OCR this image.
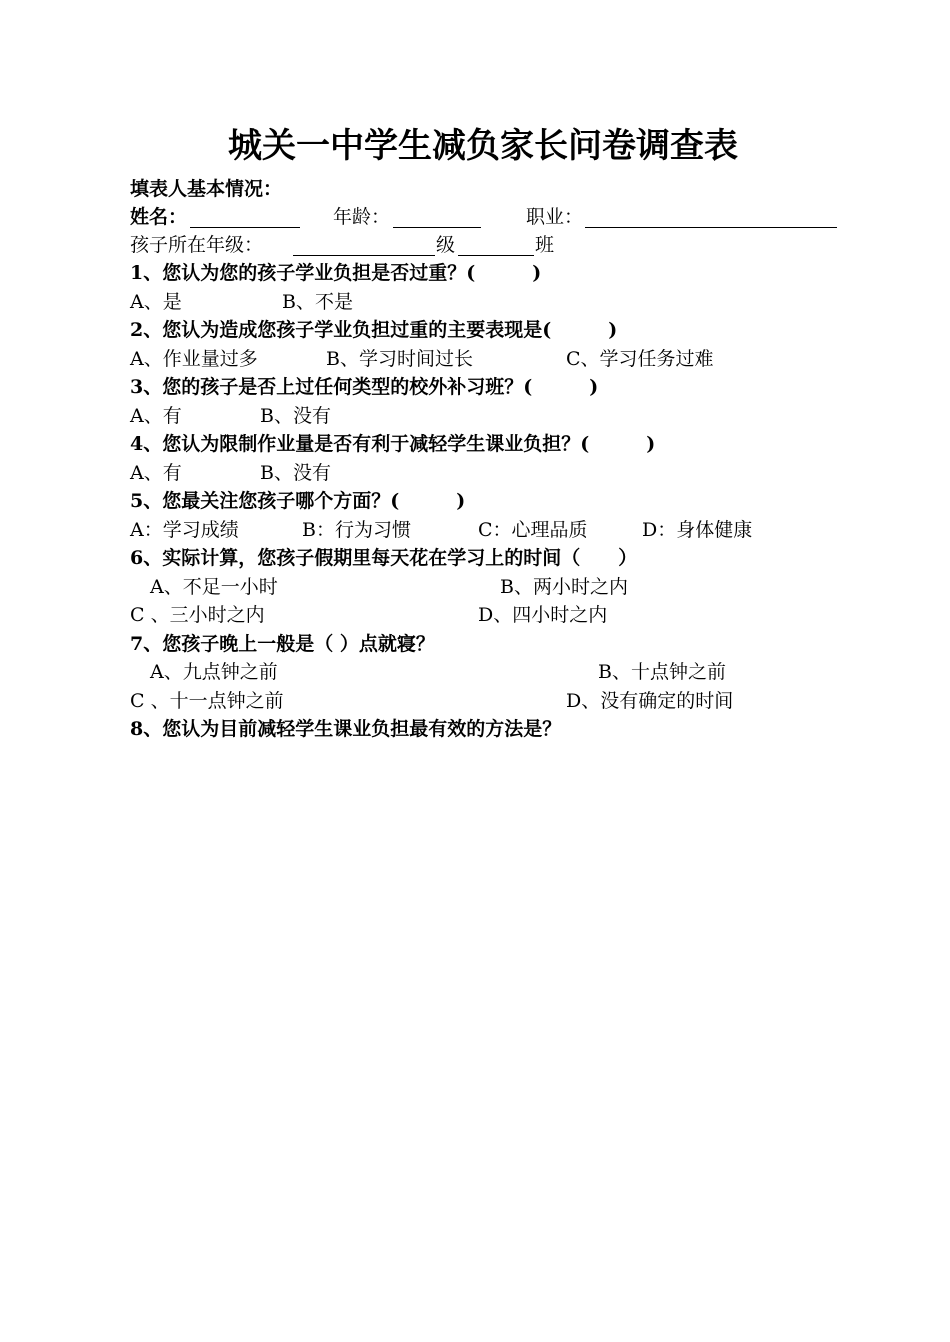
城关一中学生减负家长问卷调查表
填表人基本情况：
姓名：	年龄：	职业：
孩子所在年级：	级	班
1、您认为您的孩子学业负担是否过重？(　　　)
A、是	B、不是
2、您认为造成您孩子学业负担过重的主要表现是(　　　)
A、作业量过多	B、学习时间过长	C、学习任务过难
3、您的孩子是否上过任何类型的校外补习班？(　　　)
A、有	B、没有
4、您认为限制作业量是否有利于减轻学生课业负担？(　　　)
A、有	B、没有
5、您最关注您孩子哪个方面？(　　　)
A：学习成绩	B：行为习惯	C：心理品质	D：身体健康
6、实际计算，您孩子假期里每天花在学习上的时间（　　）
A、不足一小时	B、两小时之内
C 、三小时之内	D、四小时之内
7、您孩子晚上一般是（ ）点就寝？
A、九点钟之前	B、十点钟之前
C 、十一点钟之前	D、没有确定的时间
8、您认为目前减轻学生课业负担最有效的方法是？
